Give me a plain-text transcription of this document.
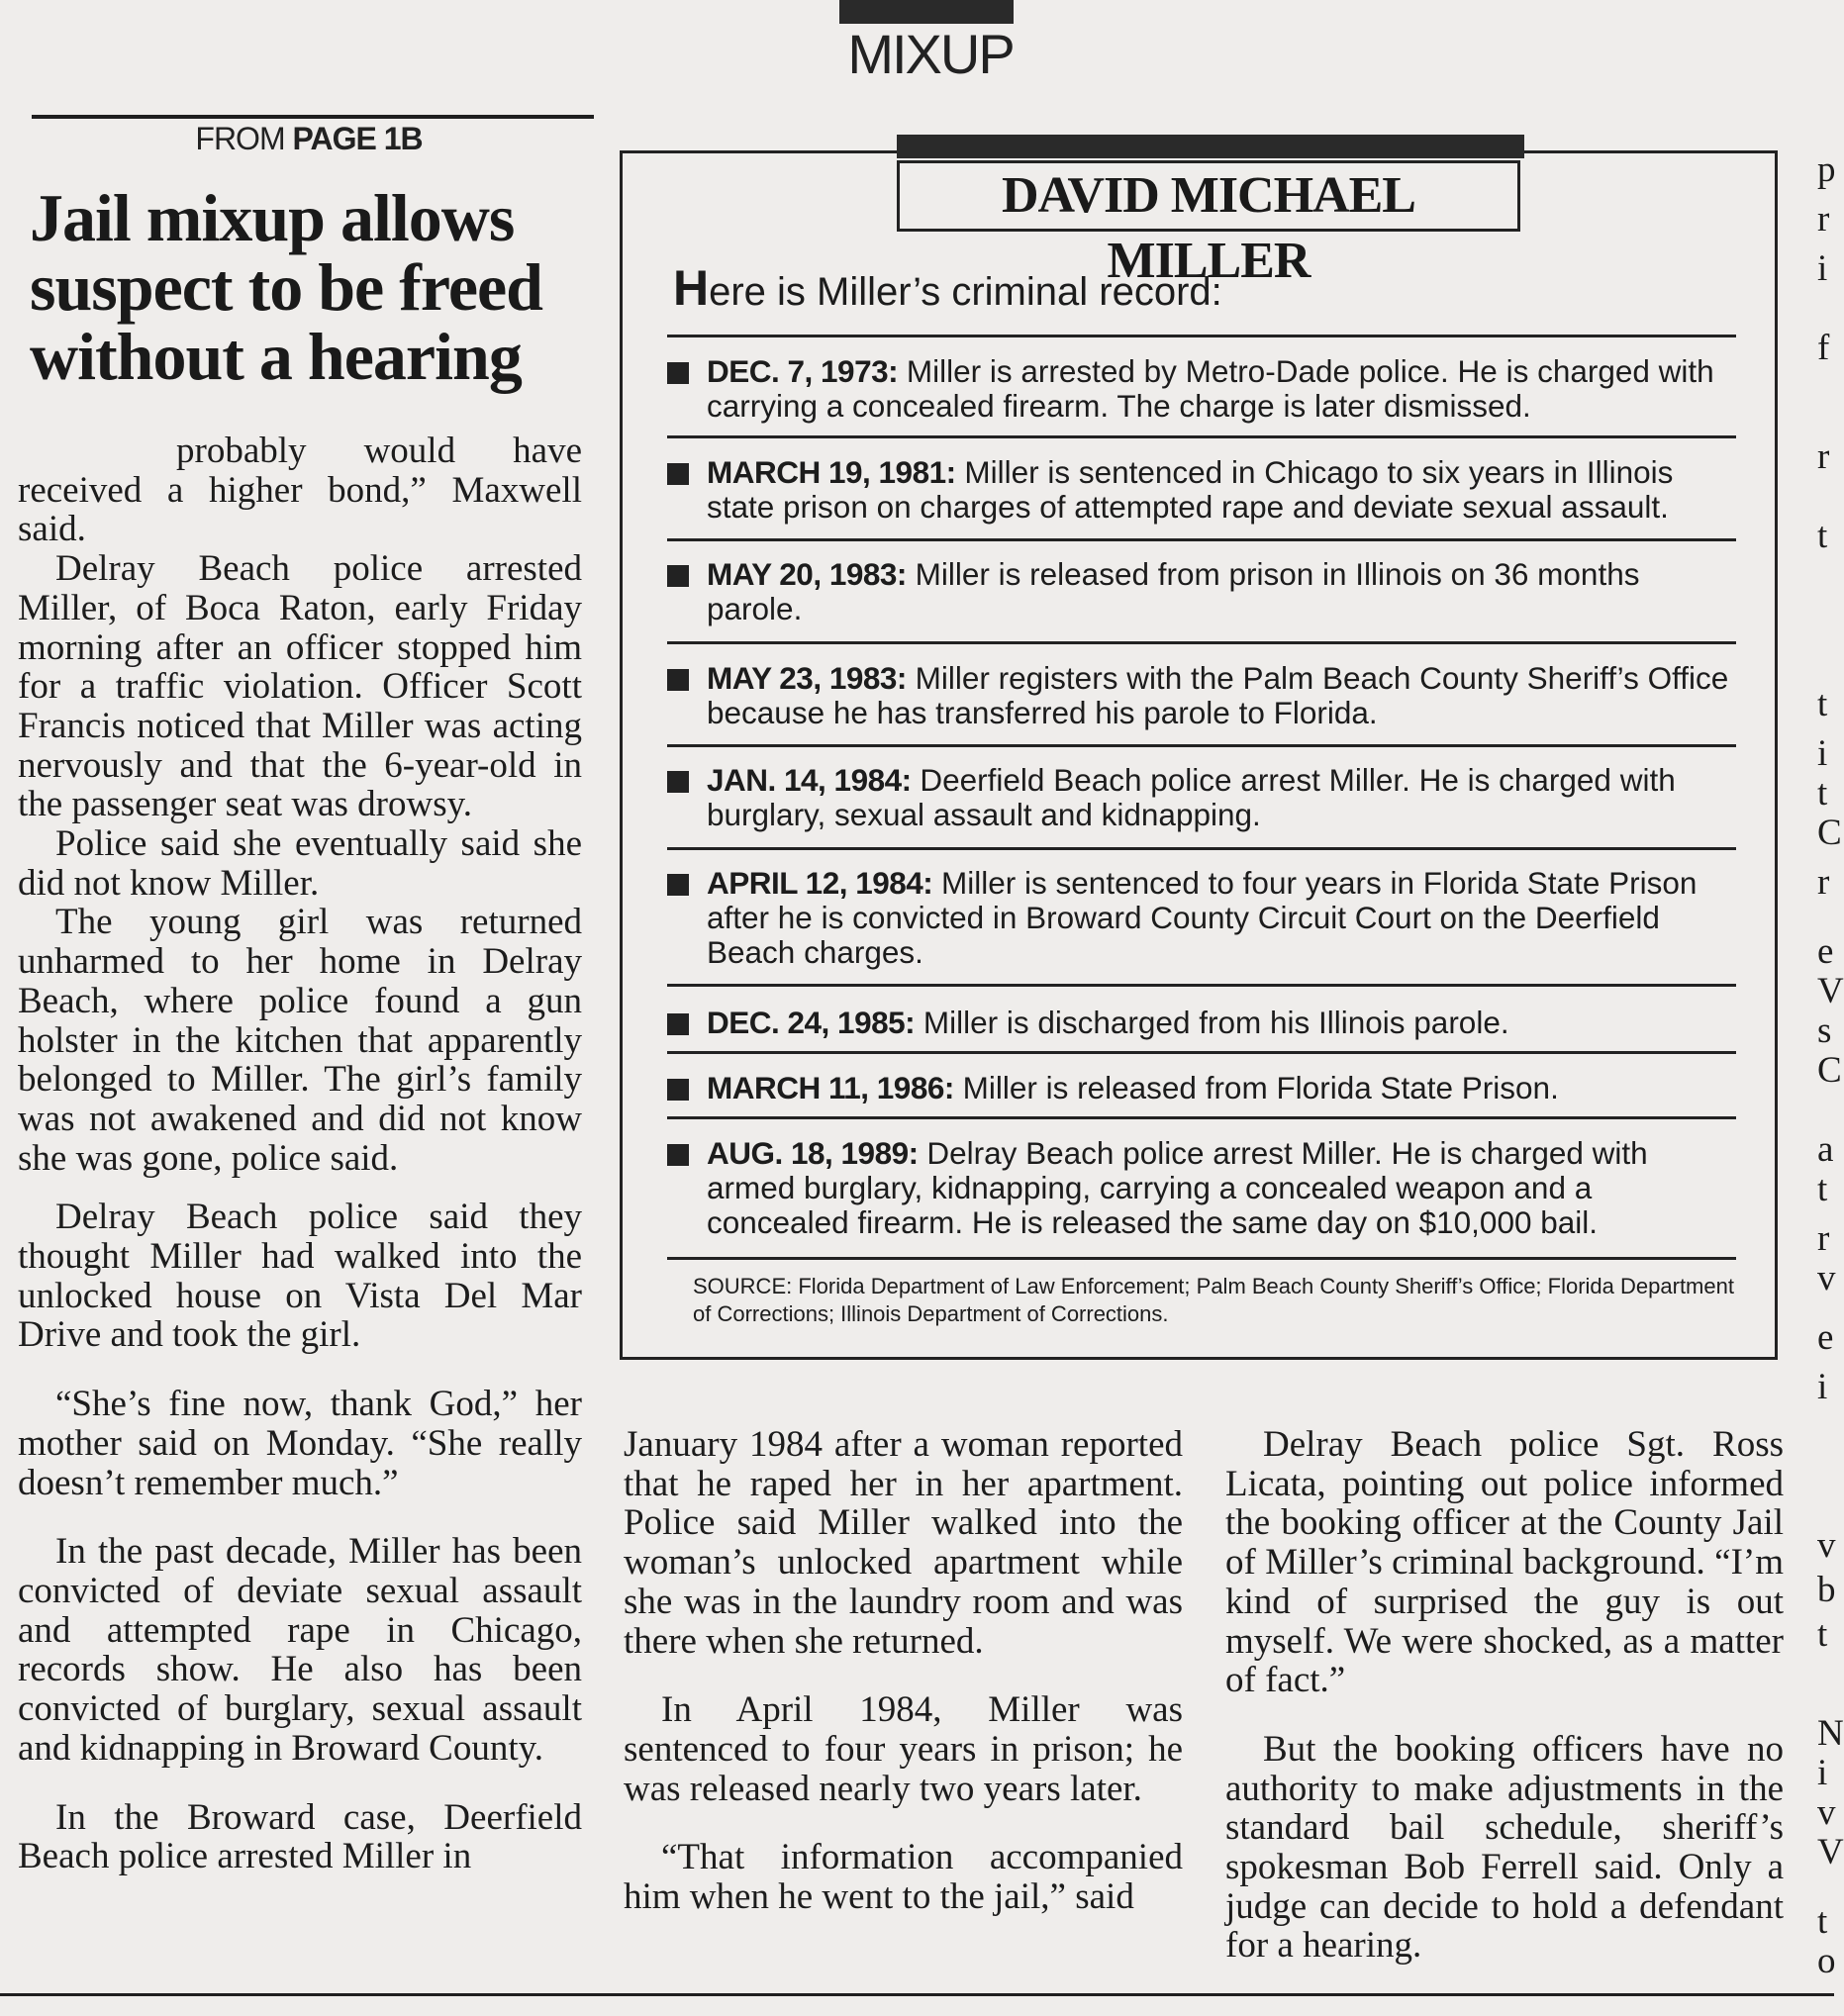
MIXUP
FROM PAGE 1B
Jail mixup allows suspect to be freed without a hearing

probably would have received a higher bond,” Maxwell said.

Delray Beach police arrested Miller, of Boca Raton, early Friday morning after an officer stopped him for a traffic violation. Officer Scott Francis noticed that Miller was acting nervously and that the 6-year-old in the passenger seat was drowsy.

Police said she eventually said she did not know Miller.

The young girl was returned unharmed to her home in Delray Beach, where police found a gun holster in the kitchen that apparently belonged to Miller. The girl’s family was not awakened and did not know she was gone, police said.

Delray Beach police said they thought Miller had walked into the unlocked house on Vista Del Mar Drive and took the girl.

“She’s fine now, thank God,” her mother said on Monday. “She really doesn’t remember much.”

In the past decade, Miller has been convicted of deviate sexual assault and attempted rape in Chicago, records show. He also has been convicted of burglary, sexual assault and kidnapping in Broward County.

In the Broward case, Deerfield Beach police arrested Miller in

DAVID MICHAEL MILLER
Here is Miller’s criminal record:
DEC. 7, 1973: Miller is arrested by Metro-Dade police. He is charged with carrying a concealed firearm. The charge is later dismissed.
MARCH 19, 1981: Miller is sentenced in Chicago to six years in Illinois state prison on charges of attempted rape and deviate sexual assault.
MAY 20, 1983: Miller is released from prison in Illinois on 36 months parole.
MAY 23, 1983: Miller registers with the Palm Beach County Sheriff’s Office because he has transferred his parole to Florida.
JAN. 14, 1984: Deerfield Beach police arrest Miller. He is charged with burglary, sexual assault and kidnapping.
APRIL 12, 1984: Miller is sentenced to four years in Florida State Prison after he is convicted in Broward County Circuit Court on the Deerfield Beach charges.
DEC. 24, 1985: Miller is discharged from his Illinois parole.
MARCH 11, 1986: Miller is released from Florida State Prison.
AUG. 18, 1989: Delray Beach police arrest Miller. He is charged with armed burglary, kidnapping, carrying a concealed weapon and a concealed firearm. He is released the same day on $10,000 bail.
SOURCE: Florida Department of Law Enforcement; Palm Beach County Sheriff’s Office; Florida Department of Corrections; Illinois Department of Corrections.

January 1984 after a woman reported that he raped her in her apartment. Police said Miller walked into the woman’s unlocked apartment while she was in the laundry room and was there when she returned.

In April 1984, Miller was sentenced to four years in prison; he was released nearly two years later.

“That information accompanied him when he went to the jail,” said

Delray Beach police Sgt. Ross Licata, pointing out police informed the booking officer at the County Jail of Miller’s criminal background. “I’m kind of surprised the guy is out myself. We were shocked, as a matter of fact.”

But the booking officers have no authority to make adjustments in the standard bail schedule, sheriff’s spokesman Bob Ferrell said. Only a judge can decide to hold a defendant for a hearing.

p
r
i
f
r
t
t
i
t
C
r
e
V
s
C
a
t
r
v
e
i
v
b
t
N
i
v
V
t
o
